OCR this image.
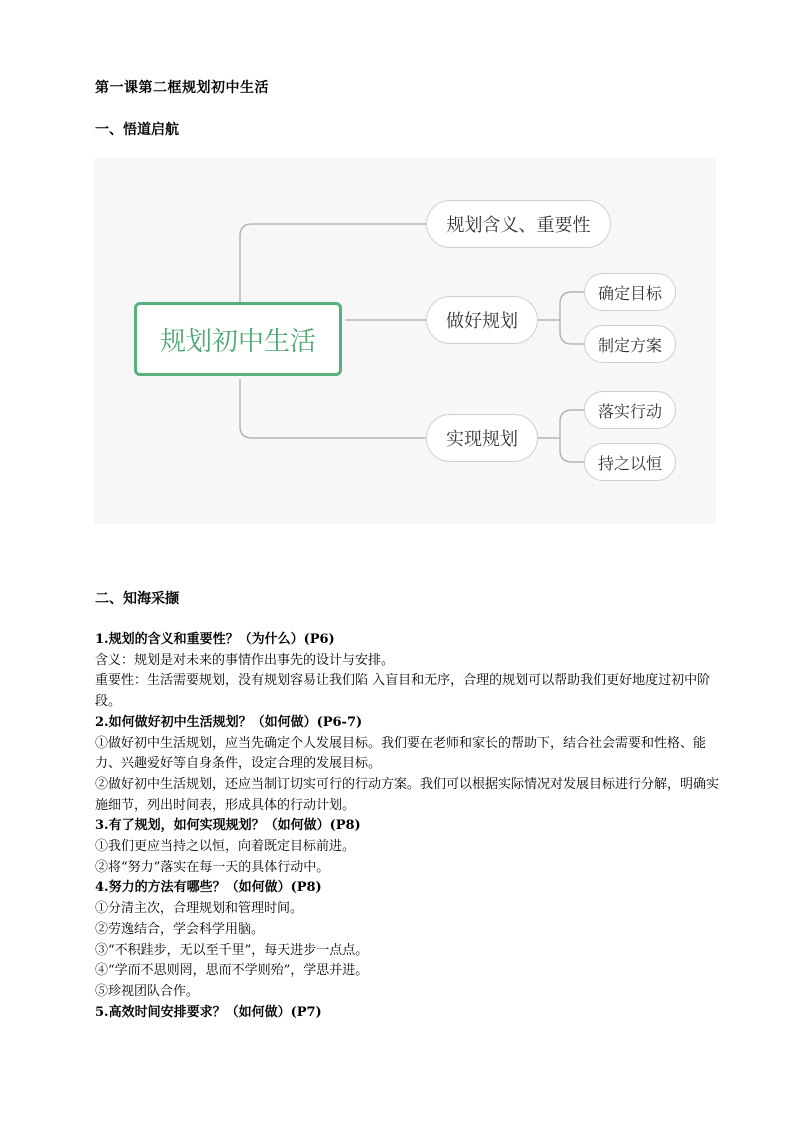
第一课第二框规划初中生活
一、悟道启航
规划初中生活
规划含义、重要性
做好规划
实现规划
确定目标
制定方案
落实行动
持之以恒
二、知海采撷

1.规划的含义和重要性？（为什么）(P6)

含义：规划是对未来的事情作出事先的设计与安排。

重要性：生活需要规划，没有规划容易让我们陷 入盲目和无序，合理的规划可以帮助我们更好地度过初中阶段。

2.如何做好初中生活规划？（如何做）(P6-7)

①做好初中生活规划，应当先确定个人发展目标。我们要在老师和家长的帮助下，结合社会需要和性格、能力、兴趣爱好等自身条件，设定合理的发展目标。

②做好初中生活规划，还应当制订切实可行的行动方案。我们可以根据实际情况对发展目标进行分解，明确实施细节，列出时间表，形成具体的行动计划。

3.有了规划，如何实现规划？（如何做）(P8)

①我们更应当持之以恒，向着既定目标前进。

②将“努力”落实在每一天的具体行动中。

4.努力的方法有哪些？（如何做）(P8)

①分清主次，合理规划和管理时间。

②劳逸结合，学会科学用脑。

③“不积跬步，无以至千里”，每天进步一点点。

④“学而不思则罔，思而不学则殆”，学思并进。

⑤珍视团队合作。

5.高效时间安排要求？（如何做）(P7)
